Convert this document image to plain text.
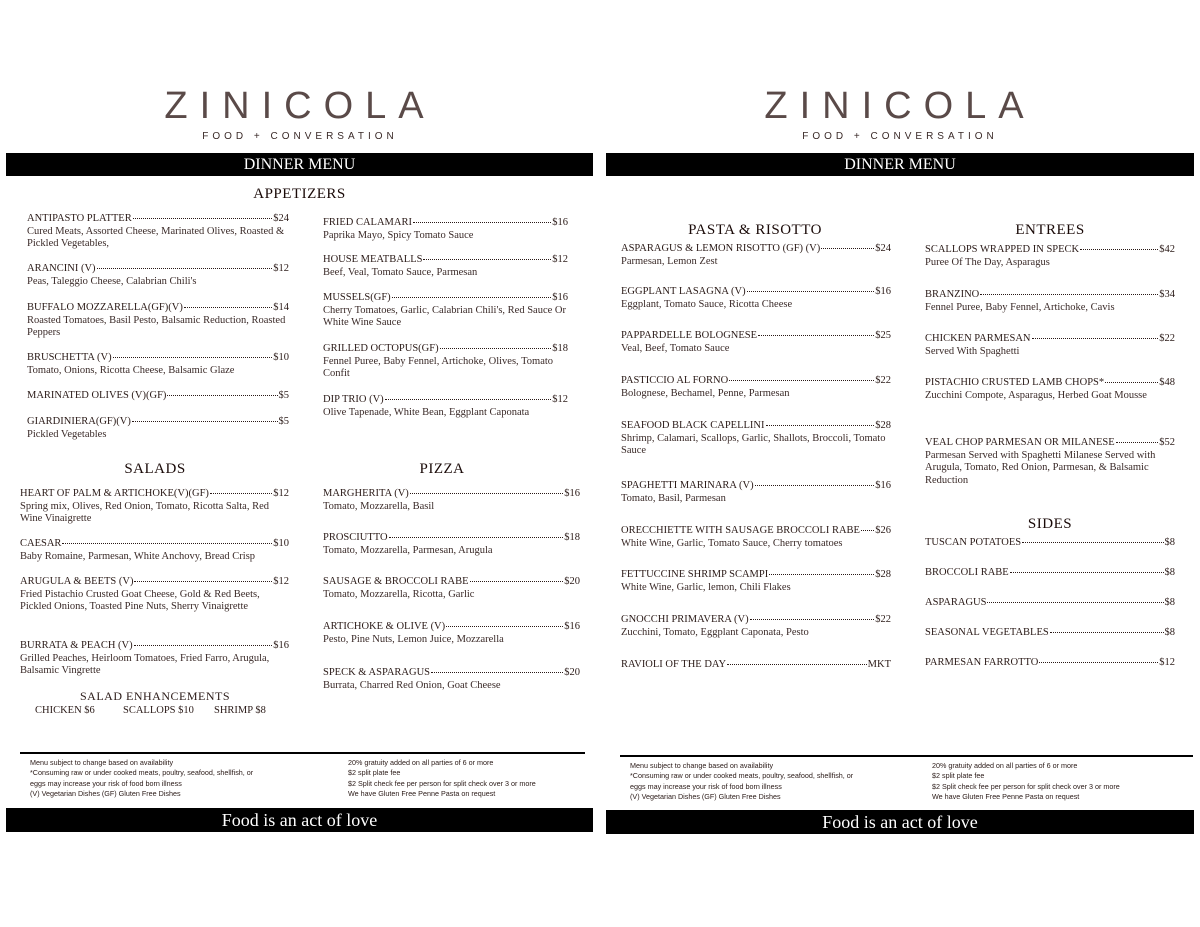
ZINICOLA
FOOD + CONVERSATION
DINNER MENU
APPETIZERS
SALADS	PIZZA
ANTIPASTO PLATTER	$24
Cured Meats, Assorted Cheese, Marinated Olives, Roasted & Pickled Vegetables,
ARANCINI (V)	$12
Peas, Taleggio Cheese, Calabrian Chili's
BUFFALO MOZZARELLA(GF)(V)	$14
Roasted Tomatoes, Basil Pesto, Balsamic Reduction, Roasted Peppers
BRUSCHETTA (V)	$10
Tomato, Onions, Ricotta Cheese, Balsamic Glaze
MARINATED OLIVES (V)(GF)	$5
GIARDINIERA(GF)(V)	$5
Pickled Vegetables
FRIED CALAMARI	$16
Paprika Mayo, Spicy Tomato Sauce
HOUSE MEATBALLS	$12
Beef, Veal, Tomato Sauce, Parmesan
MUSSELS(GF)	$16
Cherry Tomatoes, Garlic, Calabrian Chili's, Red Sauce Or White Wine Sauce
GRILLED OCTOPUS(GF)	$18
Fennel Puree, Baby Fennel, Artichoke, Olives, Tomato Confit
DIP TRIO (V)	$12
Olive Tapenade, White Bean, Eggplant Caponata
HEART OF PALM & ARTICHOKE(V)(GF)	$12
Spring mix, Olives, Red Onion, Tomato, Ricotta Salta, Red Wine Vinaigrette
CAESAR	$10
Baby Romaine, Parmesan, White Anchovy, Bread Crisp
ARUGULA & BEETS (V)	$12
Fried Pistachio Crusted Goat Cheese, Gold & Red Beets, Pickled Onions, Toasted Pine Nuts, Sherry Vinaigrette
BURRATA & PEACH (V)	$16
Grilled Peaches, Heirloom Tomatoes, Fried Farro, Arugula, Balsamic Vingrette
MARGHERITA (V)	$16
Tomato, Mozzarella, Basil
PROSCIUTTO	$18
Tomato, Mozzarella, Parmesan, Arugula
SAUSAGE & BROCCOLI RABE	$20
Tomato, Mozzarella, Ricotta, Garlic
ARTICHOKE & OLIVE (V)	$16
Pesto, Pine Nuts, Lemon Juice, Mozzarella
SPECK & ASPARAGUS	$20
Burrata, Charred Red Onion, Goat Cheese
SALAD ENHANCEMENTS
CHICKEN $6	SCALLOPS $10 SHRIMP $8
Menu subject to change based on availability
*Consuming raw or under cooked meats, poultry, seafood, shellfish, or
eggs may increase your risk of food born illness
(V) Vegetarian Dishes (GF) Gluten Free Dishes
20% gratuity added on all parties of 6 or more
$2 split plate fee
$2 Split check fee per person for split check over 3 or more
We have Gluten Free Penne Pasta on request
Food is an act of love
ZINICOLA
FOOD + CONVERSATION
DINNER MENU
PASTA & RISOTTO	ENTREES
SIDES
ASPARAGUS & LEMON RISOTTO (GF) (V)	$24
Parmesan, Lemon Zest
EGGPLANT LASAGNA (V)	$16
Eggplant, Tomato Sauce, Ricotta Cheese
PAPPARDELLE BOLOGNESE	$25
Veal, Beef, Tomato Sauce
PASTICCIO AL FORNO	$22
Bolognese, Bechamel, Penne, Parmesan
SEAFOOD BLACK CAPELLINI	$28
Shrimp, Calamari, Scallops, Garlic, Shallots, Broccoli, Tomato Sauce
SPAGHETTI MARINARA (V)	$16
Tomato, Basil, Parmesan
ORECCHIETTE WITH SAUSAGE BROCCOLI RABE $26
White Wine, Garlic, Tomato Sauce, Cherry tomatoes
FETTUCCINE SHRIMP SCAMPI	$28
White Wine, Garlic, lemon, Chili Flakes
GNOCCHI PRIMAVERA (V)	$22
Zucchini, Tomato, Eggplant Caponata, Pesto
RAVIOLI OF THE DAY	MKT
SCALLOPS WRAPPED IN SPECK	$42
Puree Of The Day, Asparagus
BRANZINO	$34
Fennel Puree, Baby Fennel, Artichoke, Cavis
CHICKEN PARMESAN	$22
Served With Spaghetti
PISTACHIO CRUSTED LAMB CHOPS*	$48
Zucchini Compote, Asparagus, Herbed Goat Mousse
VEAL CHOP PARMESAN OR MILANESE	$52
Parmesan Served with Spaghetti Milanese Served with Arugula, Tomato, Red Onion, Parmesan, & Balsamic Reduction
TUSCAN POTATOES	$8
BROCCOLI RABE	$8
ASPARAGUS	$8
SEASONAL VEGETABLES	$8
PARMESAN FARROTTO	$12
Menu subject to change based on availability
*Consuming raw or under cooked meats, poultry, seafood, shellfish, or
eggs may increase your risk of food born illness
(V) Vegetarian Dishes (GF) Gluten Free Dishes
20% gratuity added on all parties of 6 or more
$2 split plate fee
$2 Split check fee per person for split check over 3 or more
We have Gluten Free Penne Pasta on request
Food is an act of love
